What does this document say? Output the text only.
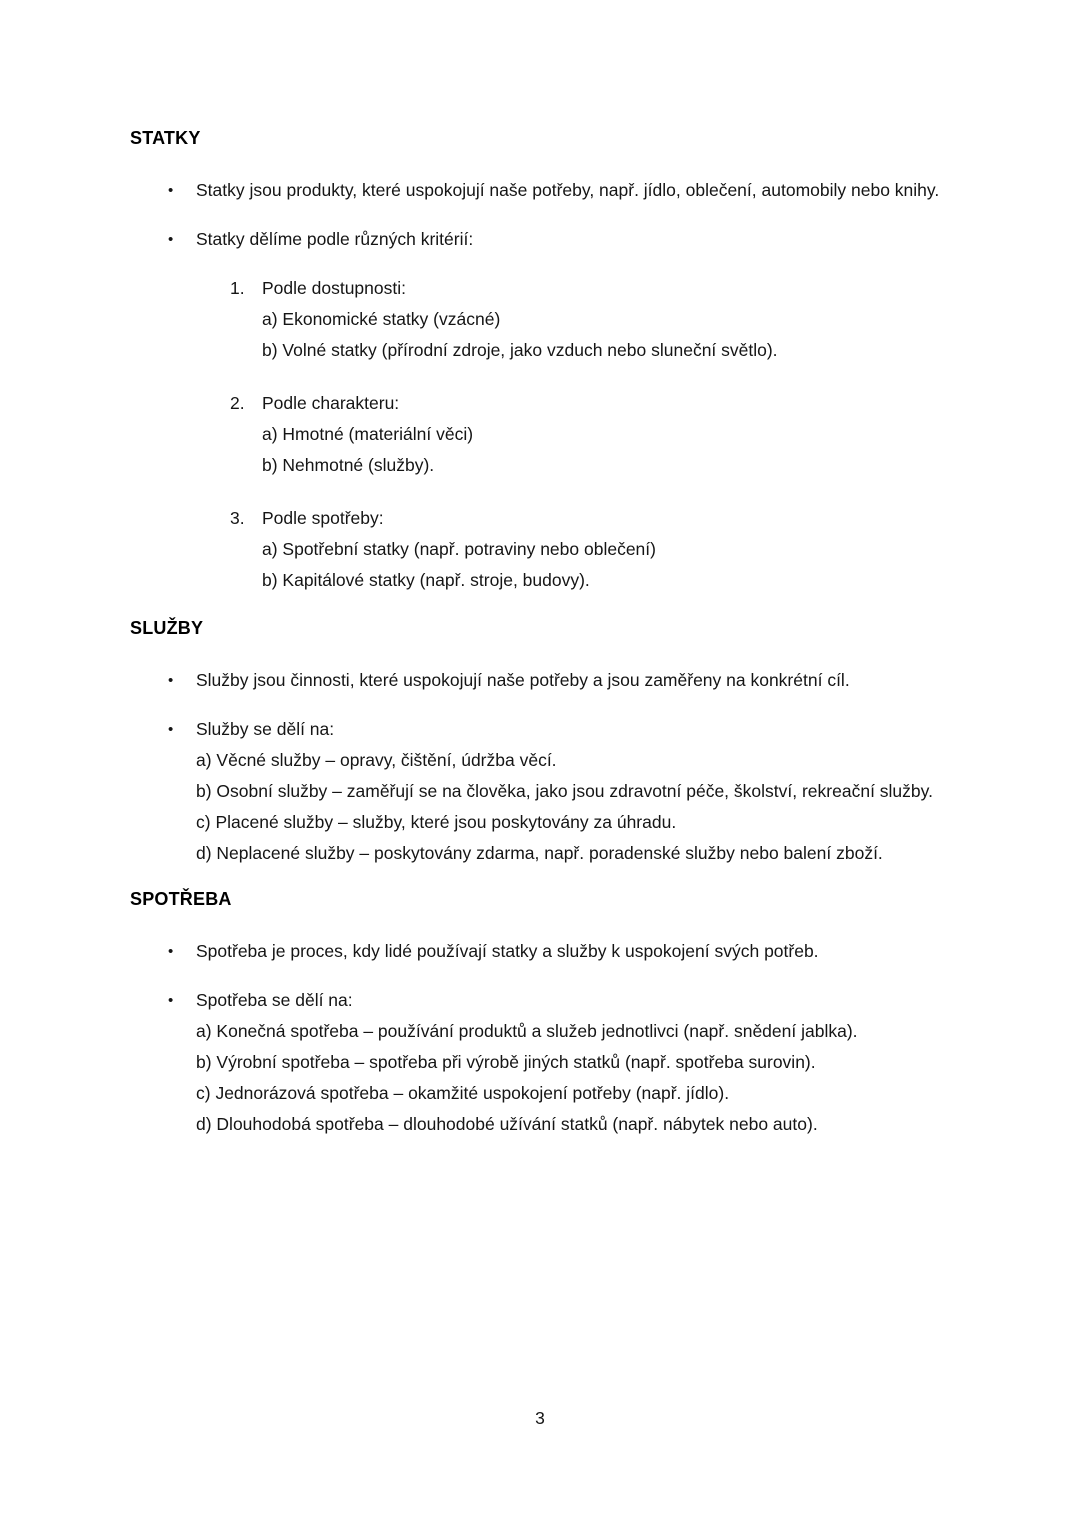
STATKY
•	Statky jsou produkty, které uspokojují naše potřeby, např. jídlo, oblečení, automobily nebo knihy.

•	Statky dělíme podle různých kritérií:

1. Podle dostupnosti:

a) Ekonomické statky (vzácné)

b) Volné statky (přírodní zdroje, jako vzduch nebo sluneční světlo).

2. Podle charakteru:

a) Hmotné (materiální věci)

b) Nehmotné (služby).

3. Podle spotřeby:

a) Spotřební statky (např. potraviny nebo oblečení)

b) Kapitálové statky (např. stroje, budovy).

SLUŽBY
•	Služby jsou činnosti, které uspokojují naše potřeby a jsou zaměřeny na konkrétní cíl.

•	Služby se dělí na:

a) Věcné služby – opravy, čištění, údržba věcí.

b) Osobní služby – zaměřují se na člověka, jako jsou zdravotní péče, školství, rekreační služby.

c) Placené služby – služby, které jsou poskytovány za úhradu.

d) Neplacené služby – poskytovány zdarma, např. poradenské služby nebo balení zboží.

SPOTŘEBA
•	Spotřeba je proces, kdy lidé používají statky a služby k uspokojení svých potřeb.

•	Spotřeba se dělí na:

a) Konečná spotřeba – používání produktů a služeb jednotlivci (např. snědení jablka).

b) Výrobní spotřeba – spotřeba při výrobě jiných statků (např. spotřeba surovin).

c) Jednorázová spotřeba – okamžité uspokojení potřeby (např. jídlo).

d) Dlouhodobá spotřeba – dlouhodobé užívání statků (např. nábytek nebo auto).

3
